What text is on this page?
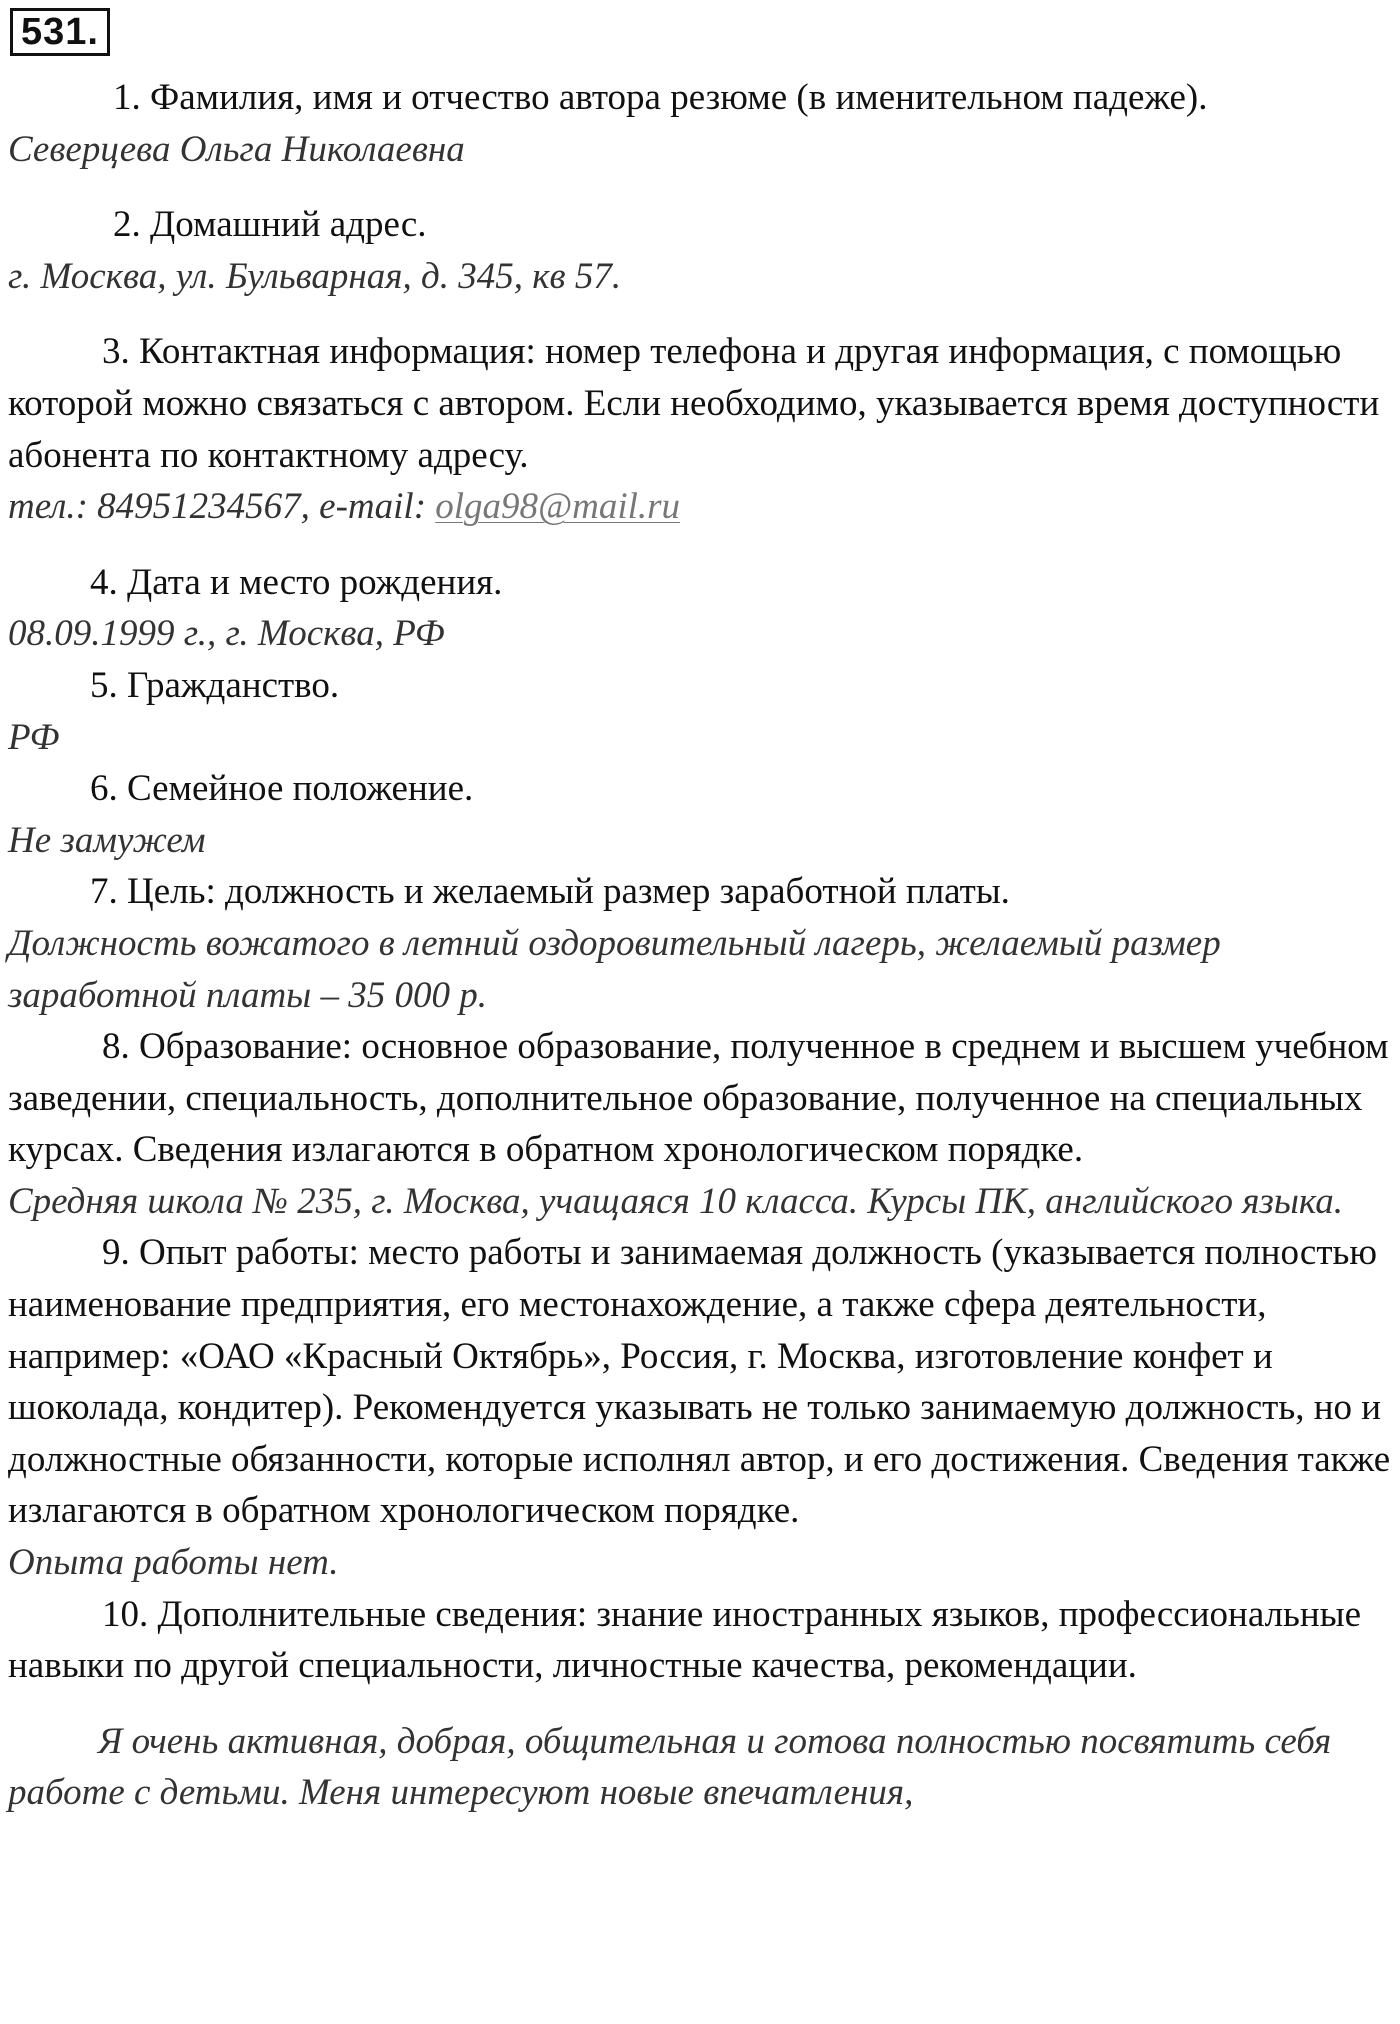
531.

1. Фамилия, имя и отчество автора резюме (в именительном падеже).

Северцева Ольга Николаевна

2. Домашний адрес.

г. Москва, ул. Бульварная, д. 345, кв 57.

3. Контактная информация: номер телефона и другая информация, с помощью которой можно связаться с автором. Если необходимо, указывается время доступности абонента по контактному адресу.

тел.: 84951234567, e-mail: olga98@mail.ru

4. Дата и место рождения.

08.09.1999 г., г. Москва, РФ

5. Гражданство.

РФ

6. Семейное положение.

Не замужем

7. Цель: должность и желаемый размер заработной платы.

Должность вожатого в летний оздоровительный лагерь, желаемый размер заработной платы – 35 000 р.

8. Образование: основное образование, полученное в среднем и высшем учебном заведении, специальность, дополнительное образование, полученное на специальных курсах. Сведения излагаются в обратном хронологическом порядке.

Средняя школа № 235, г. Москва, учащаяся 10 класса. Курсы ПК, английского языка.

9. Опыт работы: место работы и занимаемая должность (указывается полностью наименование предприятия, его местонахождение, а также сфера деятельности, например: «ОАО «Красный Октябрь», Россия, г. Москва, изготовление конфет и шоколада, кондитер). Рекомендуется указывать не только занимаемую должность, но и должностные обязанности, которые исполнял автор, и его достижения. Сведения также излагаются в обратном хронологическом порядке.

Опыта работы нет.

10. Дополнительные сведения: знание иностранных языков, профессиональные навыки по другой специальности, личностные качества, рекомендации.

Я очень активная, добрая, общительная и готова полностью посвятить себя работе с детьми. Меня интересуют новые впечатления,
